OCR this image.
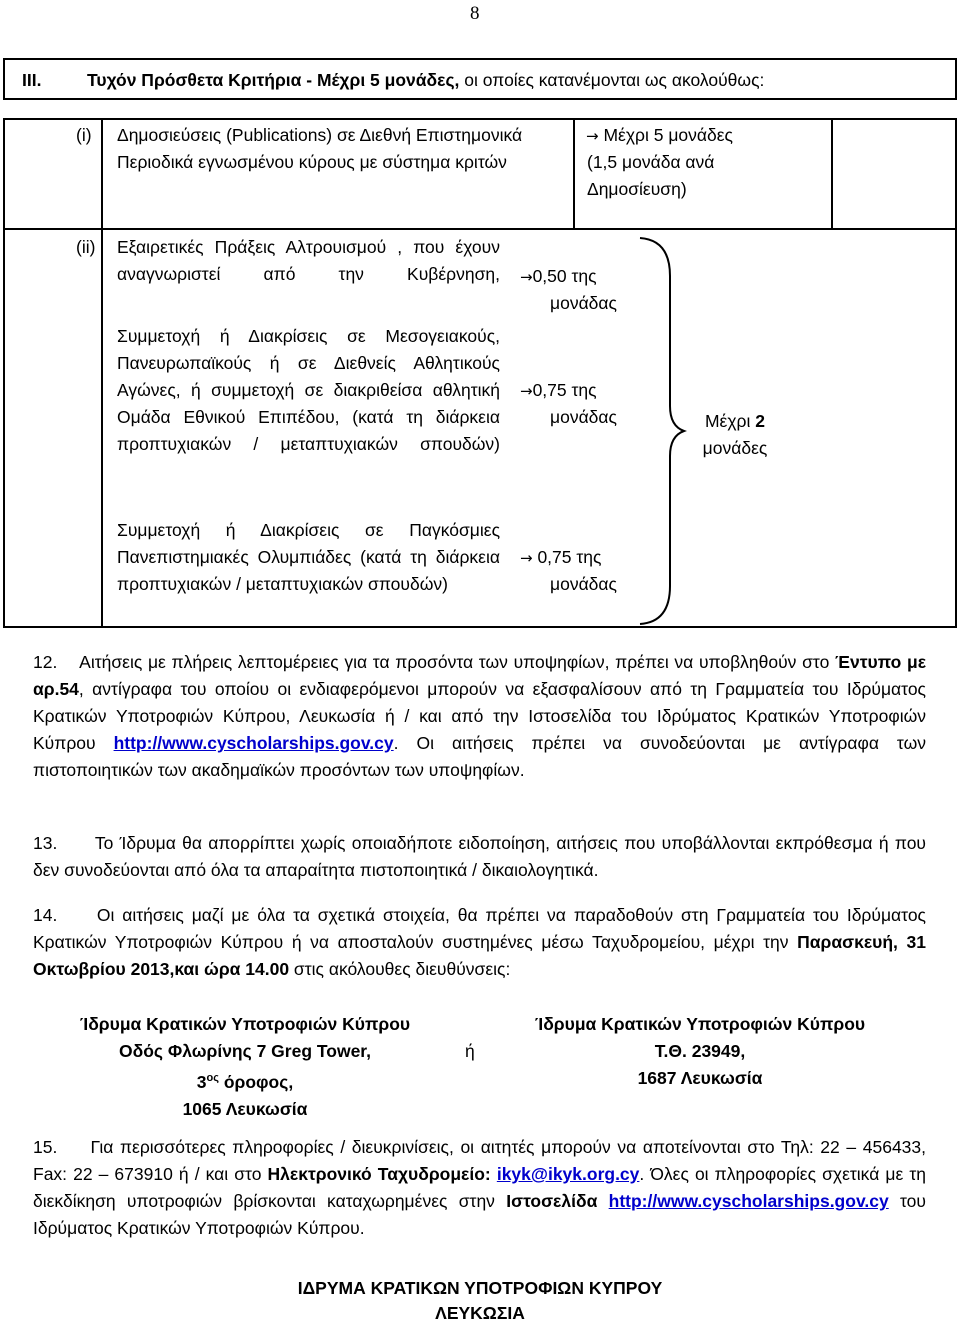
8
III.	Τυχόν Πρόσθετα Κριτήρια - Μέχρι 5 μονάδες, οι οποίες κατανέμονται ως ακολούθως:
(i) Δημοσιεύσεις (Publications) σε Διεθνή Επιστημονικά Περιοδικά εγνωσμένου κύρους με σύστημα κριτών
→ Μέχρι 5 μονάδες
(1,5 μονάδα ανά
Δημοσίευση)
(ii) Εξαιρετικές Πράξεις Αλτρουισμού , που έχουν αναγνωριστεί από την Κυβέρνηση,
Συμμετοχή ή Διακρίσεις σε Μεσογειακούς, Πανευρωπαϊκούς ή σε Διεθνείς Αθλητικούς Αγώνες, ή συμμετοχή σε διακριθείσα αθλητική Ομάδα Εθνικού Επιπέδου, (κατά τη διάρκεια προπτυχιακών / μεταπτυχιακών σπουδών)
Συμμετοχή ή Διακρίσεις σε Παγκόσμιες Πανεπιστημιακές Ολυμπιάδες (κατά τη διάρκεια προπτυχιακών / μεταπτυχιακών σπουδών)
→0,50 της
μονάδας
→0,75 της
μονάδας
→ 0,75 της
μονάδας
Μέχρι 2
μονάδες
12. Αιτήσεις με πλήρεις λεπτομέρειες για τα προσόντα των υποψηφίων, πρέπει να υποβληθούν στο Έντυπο με αρ.54, αντίγραφα του οποίου οι ενδιαφερόμενοι μπορούν να εξασφαλίσουν από τη Γραμματεία του Ιδρύματος Κρατικών Υποτροφιών Κύπρου, Λευκωσία ή / και από την Ιστοσελίδα του Ιδρύματος Κρατικών Υποτροφιών Κύπρου http://www.cyscholarships.gov.cy. Οι αιτήσεις πρέπει να συνοδεύονται με αντίγραφα των πιστοποιητικών των ακαδημαϊκών προσόντων των υποψηφίων.
13. Το Ίδρυμα θα απορρίπτει χωρίς οποιαδήποτε ειδοποίηση, αιτήσεις που υποβάλλονται εκπρόθεσμα ή που δεν συνοδεύονται από όλα τα απαραίτητα πιστοποιητικά / δικαιολογητικά.
14. Οι αιτήσεις μαζί με όλα τα σχετικά στοιχεία, θα πρέπει να παραδοθούν στη Γραμματεία του Ιδρύματος Κρατικών Υποτροφιών Κύπρου ή να αποσταλούν συστημένες μέσω Ταχυδρομείου, μέχρι την Παρασκευή, 31 Οκτωβρίου 2013,και ώρα 14.00 στις ακόλουθες διευθύνσεις:
Ίδρυμα Κρατικών Υποτροφιών Κύπρου
Οδός Φλωρίνης 7 Greg Tower,
$3^{o\varsigma}$ όροφος,
1065 Λευκωσία
ή
Ίδρυμα Κρατικών Υποτροφιών Κύπρου
Τ.Θ. 23949,
1687 Λευκωσία
15. Για περισσότερες πληροφορίες / διευκρινίσεις, οι αιτητές μπορούν να αποτείνονται στο Τηλ: 22 – 456433, Fax: 22 – 673910 ή / και στο Ηλεκτρονικό Ταχυδρομείο: ikyk@ikyk.org.cy. Όλες οι πληροφορίες σχετικά με τη διεκδίκηση υποτροφιών βρίσκονται καταχωρημένες στην Ιστοσελίδα http://www.cyscholarships.gov.cy του Ιδρύματος Κρατικών Υποτροφιών Κύπρου.
ΙΔΡΥΜΑ ΚΡΑΤΙΚΩΝ ΥΠΟΤΡΟΦΙΩΝ ΚΥΠΡΟΥ
ΛΕΥΚΩΣΙΑ
